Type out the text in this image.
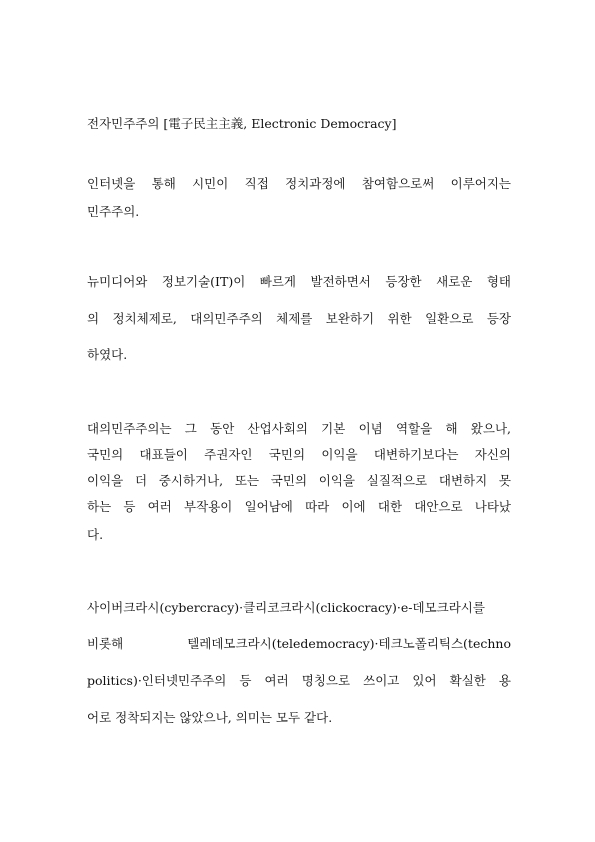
전자민주주의 [電子民主主義, Electronic Democracy]
인터넷을 통해 시민이 직접 정치과정에 참여함으로써 이루어지는
민주주의.
뉴미디어와 정보기술(IT)이 빠르게 발전하면서 등장한 새로운 형태
의 정치체제로, 대의민주주의 체제를 보완하기 위한 일환으로 등장
하였다.
대의민주주의는 그 동안 산업사회의 기본 이념 역할을 해 왔으나,
국민의 대표들이 주권자인 국민의 이익을 대변하기보다는 자신의
이익을 더 중시하거나, 또는 국민의 이익을 실질적으로 대변하지 못
하는 등 여러 부작용이 일어남에 따라 이에 대한 대안으로 나타났
다.
사이버크라시(cybercracy)·클리코크라시(clickocracy)·e-데모크라시를
비롯해 텔레데모크라시(teledemocracy)·테크노폴리틱스(techno
politics)·인터넷민주주의 등 여러 명칭으로 쓰이고 있어 확실한 용
어로 정착되지는 않았으나, 의미는 모두 같다.
